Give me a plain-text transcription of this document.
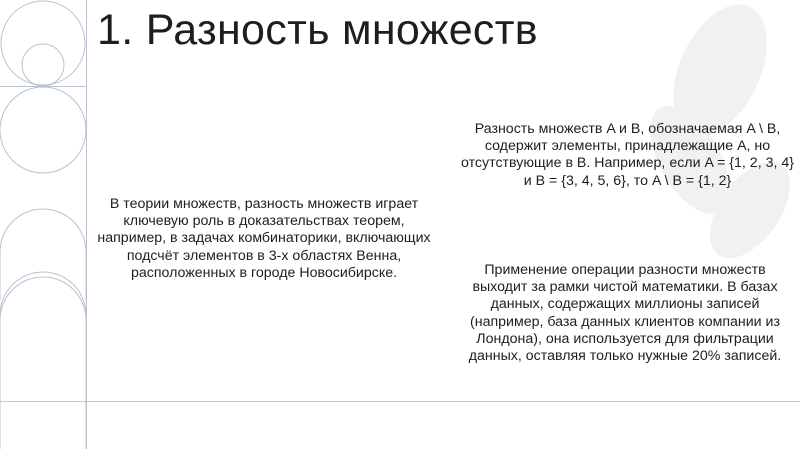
1. Разность множеств

В теории множеств, разность множеств играет ключевую роль в доказательствах теорем, например, в задачах комбинаторики, включающих подсчёт элементов в 3-х областях Венна, расположенных в городе Новосибирске.

Разность множеств A и B, обозначаемая A \ B, содержит элементы, принадлежащие A, но отсутствующие в B. Например, если A = {1, 2, 3, 4} и B = {3, 4, 5, 6}, то A \ B = {1, 2}

Применение операции разности множеств выходит за рамки чистой математики. В базах данных, содержащих миллионы записей (например, база данных клиентов компании из Лондона), она используется для фильтрации данных, оставляя только нужные 20% записей.
